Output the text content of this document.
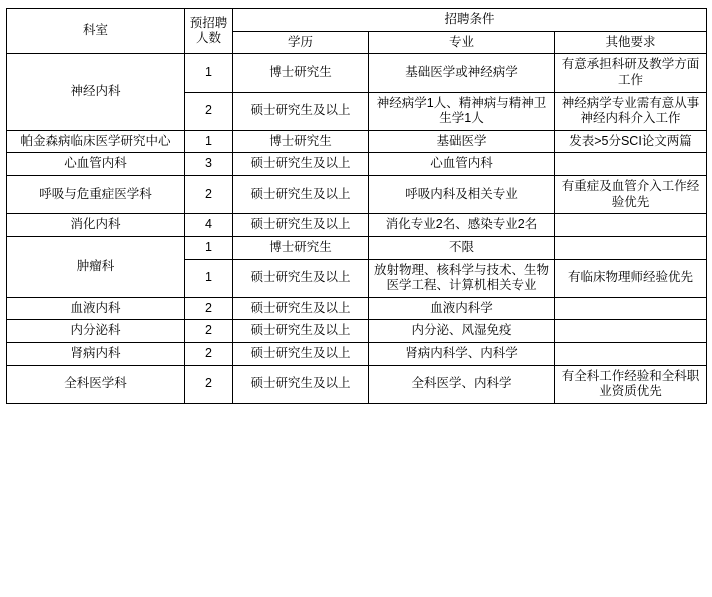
科室	预招聘人数	招聘条件		
		学历	专业	其他要求
神经内科	1	博士研究生	基础医学或神经病学	有意承担科研及教学方面工作
	2	硕士研究生及以上	神经病学1人、精神病与精神卫生学1人	神经病学专业需有意从事神经内科介入工作
帕金森病临床医学研究中心	1	博士研究生	基础医学	发表>5分SCI论文两篇
心血管内科	3	硕士研究生及以上	心血管内科	
呼吸与危重症医学科	2	硕士研究生及以上	呼吸内科及相关专业	有重症及血管介入工作经验优先
消化内科	4	硕士研究生及以上	消化专业2名、感染专业2名	
肿瘤科	1	博士研究生	不限	
	1	硕士研究生及以上	放射物理、核科学与技术、生物医学工程、计算机相关专业	有临床物理师经验优先
血液内科	2	硕士研究生及以上	血液内科学	
内分泌科	2	硕士研究生及以上	内分泌、风湿免疫	
肾病内科	2	硕士研究生及以上	肾病内科学、内科学	
全科医学科	2	硕士研究生及以上	全科医学、内科学	有全科工作经验和全科职业资质优先
